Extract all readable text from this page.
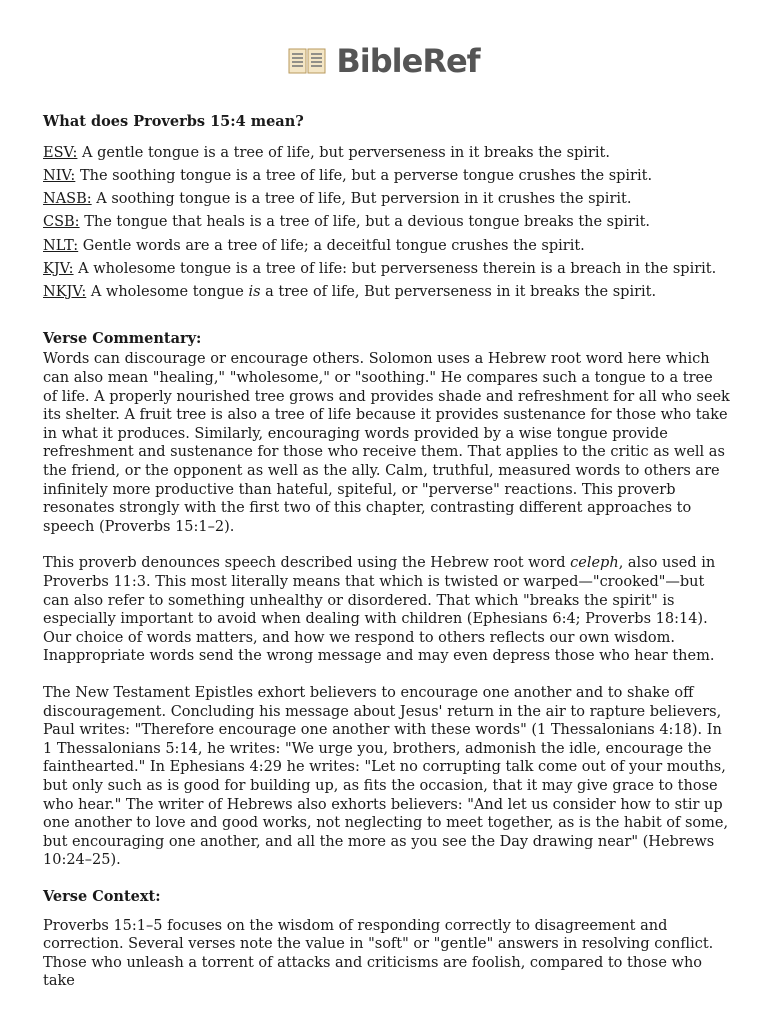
BibleRef
What does Proverbs 15:4 mean?
ESV: A gentle tongue is a tree of life, but perverseness in it breaks the spirit.
NIV: The soothing tongue is a tree of life, but a perverse tongue crushes the spirit.
NASB: A soothing tongue is a tree of life, But perversion in it crushes the spirit.
CSB: The tongue that heals is a tree of life, but a devious tongue breaks the spirit.
NLT: Gentle words are a tree of life; a deceitful tongue crushes the spirit.
KJV: A wholesome tongue is a tree of life: but perverseness therein is a breach in the spirit.
NKJV: A wholesome tongue is a tree of life, But perverseness in it breaks the spirit.
Verse Commentary:

Words can discourage or encourage others. Solomon uses a Hebrew root word here which can also mean "healing," "wholesome," or "soothing." He compares such a tongue to a tree of life. A properly nourished tree grows and provides shade and refreshment for all who seek its shelter. A fruit tree is also a tree of life because it provides sustenance for those who take in what it produces. Similarly, encouraging words provided by a wise tongue provide refreshment and sustenance for those who receive them. That applies to the critic as well as the friend, or the opponent as well as the ally. Calm, truthful, measured words to others are infinitely more productive than hateful, spiteful, or "perverse" reactions. This proverb resonates strongly with the first two of this chapter, contrasting different approaches to speech (Proverbs 15:1–2).

This proverb denounces speech described using the Hebrew root word celeph, also used in Proverbs 11:3. This most literally means that which is twisted or warped—"crooked"—but can also refer to something unhealthy or disordered. That which "breaks the spirit" is especially important to avoid when dealing with children (Ephesians 6:4; Proverbs 18:14). Our choice of words matters, and how we respond to others reflects our own wisdom. Inappropriate words send the wrong message and may even depress those who hear them.

The New Testament Epistles exhort believers to encourage one another and to shake off discouragement. Concluding his message about Jesus' return in the air to rapture believers, Paul writes: "Therefore encourage one another with these words" (1 Thessalonians 4:18). In 1 Thessalonians 5:14, he writes: "We urge you, brothers, admonish the idle, encourage the fainthearted." In Ephesians 4:29 he writes: "Let no corrupting talk come out of your mouths, but only such as is good for building up, as fits the occasion, that it may give grace to those who hear." The writer of Hebrews also exhorts believers: "And let us consider how to stir up one another to love and good works, not neglecting to meet together, as is the habit of some, but encouraging one another, and all the more as you see the Day drawing near" (Hebrews 10:24–25).

Verse Context:

Proverbs 15:1–5 focuses on the wisdom of responding correctly to disagreement and correction. Several verses note the value in "soft" or "gentle" answers in resolving conflict. Those who unleash a torrent of attacks and criticisms are foolish, compared to those who take
